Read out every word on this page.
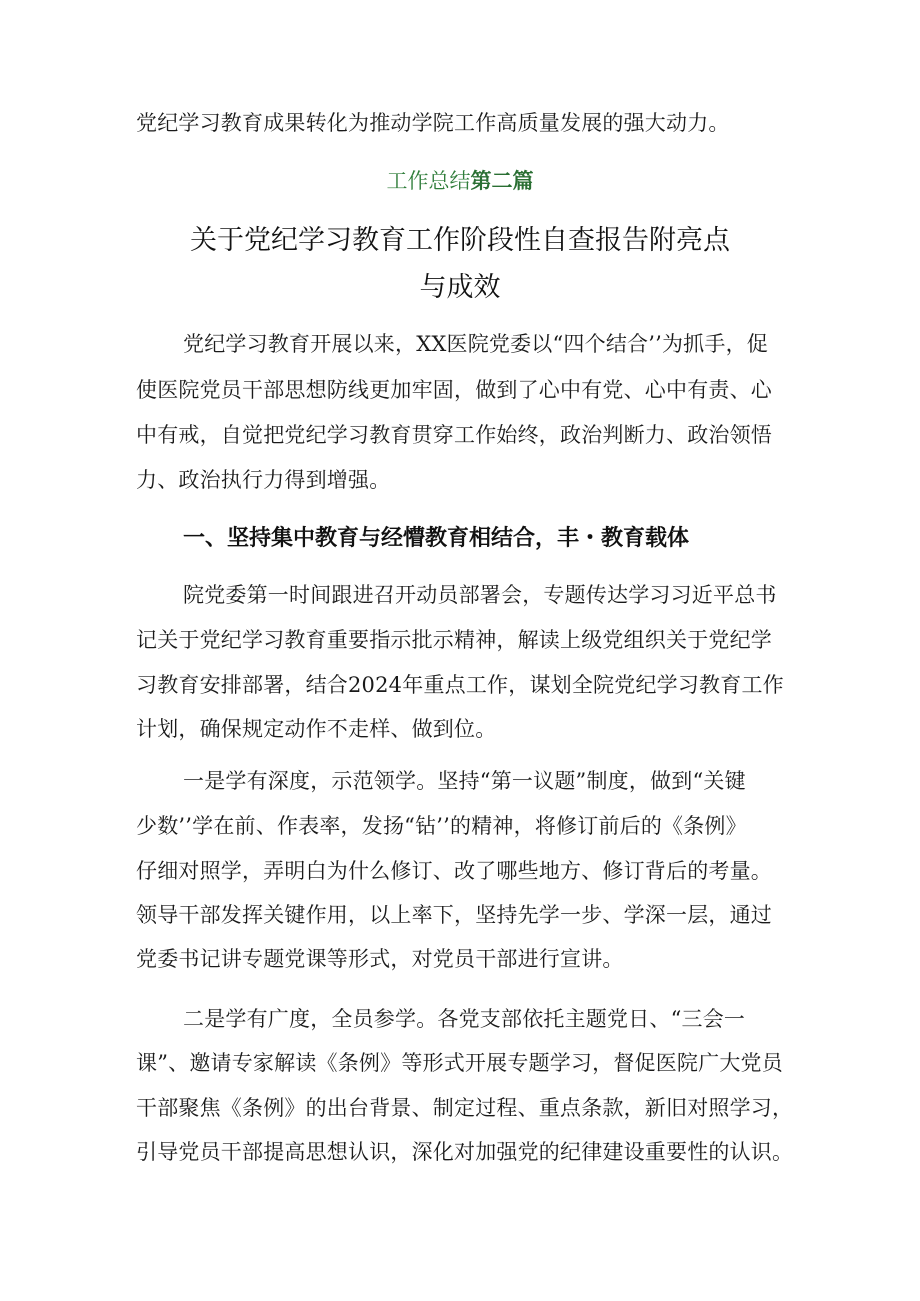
党纪学习教育成果转化为推动学院工作高质量发展的强大动力。
工作总结第二篇
关于党纪学习教育工作阶段性自查报告附亮点
与成效
党纪学习教育开展以来，XX医院党委以“四个结合’’为抓手，促
使医院党员干部思想防线更加牢固，做到了心中有党、心中有责、心
中有戒，自觉把党纪学习教育贯穿工作始终，政治判断力、政治领悟
力、政治执行力得到增强。
一、坚持集中教育与经懵教育相结合，丰・教育载体
院党委第一时间跟进召开动员部署会，专题传达学习习近平总书
记关于党纪学习教育重要指示批示精神，解读上级党组织关于党纪学
习教育安排部署，结合2024年重点工作，谋划全院党纪学习教育工作
计划，确保规定动作不走样、做到位。
一是学有深度，示范领学。坚持“第一议题”制度，做到“关键
少数’’学在前、作表率，发扬“钻’’的精神，将修订前后的《条例》
仔细对照学，弄明白为什么修订、改了哪些地方、修订背后的考量。
领导干部发挥关键作用，以上率下，坚持先学一步、学深一层，通过
党委书记讲专题党课等形式，对党员干部进行宣讲。
二是学有广度，全员参学。各党支部依托主题党日、“三会一
课”、邀请专家解读《条例》等形式开展专题学习，督促医院广大党员
干部聚焦《条例》的出台背景、制定过程、重点条款，新旧对照学习，
引导党员干部提高思想认识，深化对加强党的纪律建设重要性的认识。
